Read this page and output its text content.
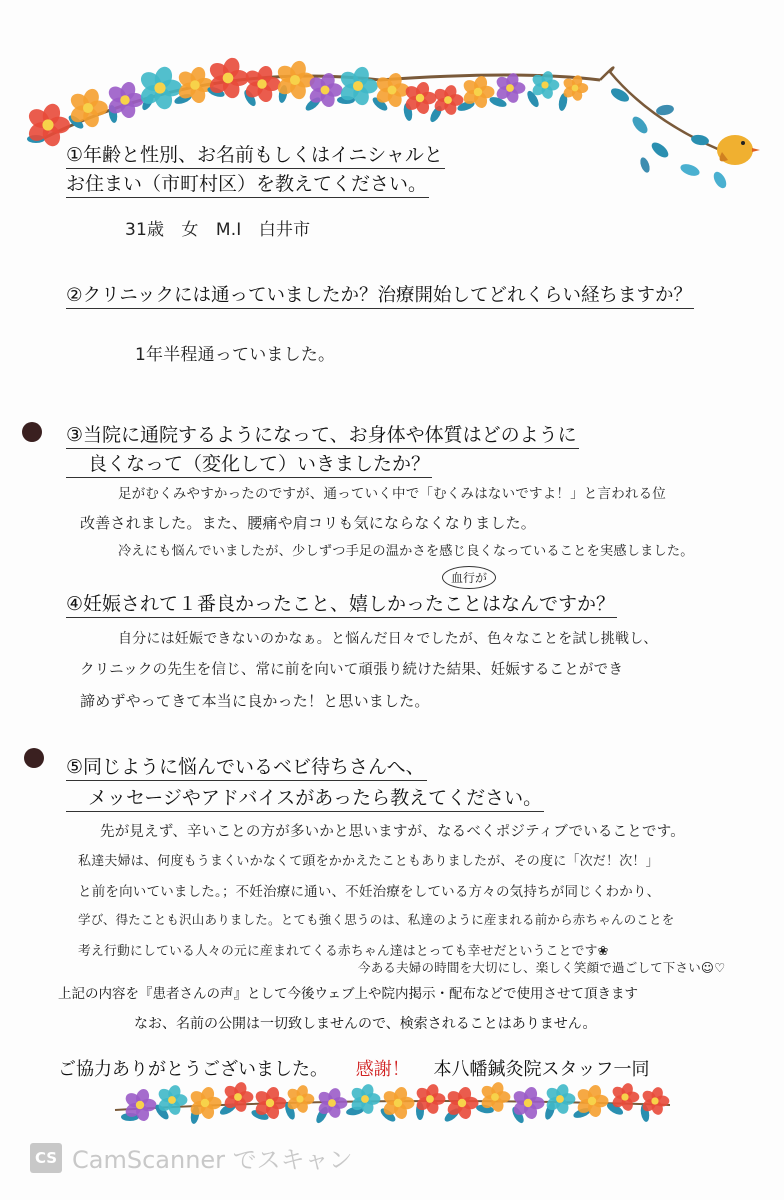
①年齢と性別、お名前もしくはイニシャルと
お住まい（市町村区）を教えてください。
31歳　女　M.I　白井市
②クリニックには通っていましたか？治療開始してどれくらい経ちますか？
1年半程通っていました。
③当院に通院するようになって、お身体や体質はどのように
良くなって（変化して）いきましたか？
足がむくみやすかったのですが、通っていく中で「むくみはないですよ！」と言われる位
改善されました。また、腰痛や肩コリも気にならなくなりました。
冷えにも悩んでいましたが、少しずつ手足の温かさを感じ良くなっていることを実感しました。
血行が
④妊娠されて１番良かったこと、嬉しかったことはなんですか？
自分には妊娠できないのかなぁ。と悩んだ日々でしたが、色々なことを試し挑戦し、
クリニックの先生を信じ、常に前を向いて頑張り続けた結果、妊娠することができ
諦めずやってきて本当に良かった！と思いました。
⑤同じように悩んでいるベビ待ちさんへ、
メッセージやアドバイスがあったら教えてください。
先が見えず、辛いことの方が多いかと思いますが、なるべくポジティブでいることです。
私達夫婦は、何度もうまくいかなくて頭をかかえたこともありましたが、その度に「次だ！次！」
と前を向いていました。；不妊治療に通い、不妊治療をしている方々の気持ちが同じくわかり、
学び、得たことも沢山ありました。とても強く思うのは、私達のように産まれる前から赤ちゃんのことを
考え行動にしている人々の元に産まれてくる赤ちゃん達はとっても幸せだということです❀
今ある夫婦の時間を大切にし、楽しく笑顔で過ごして下さい☺♡
上記の内容を『患者さんの声』として今後ウェブ上や院内掲示・配布などで使用させて頂きます
なお、名前の公開は一切致しませんので、検索されることはありません。
ご協力ありがとうございました。 感謝！ 本八幡鍼灸院スタッフ一同
CS CamScanner でスキャン
